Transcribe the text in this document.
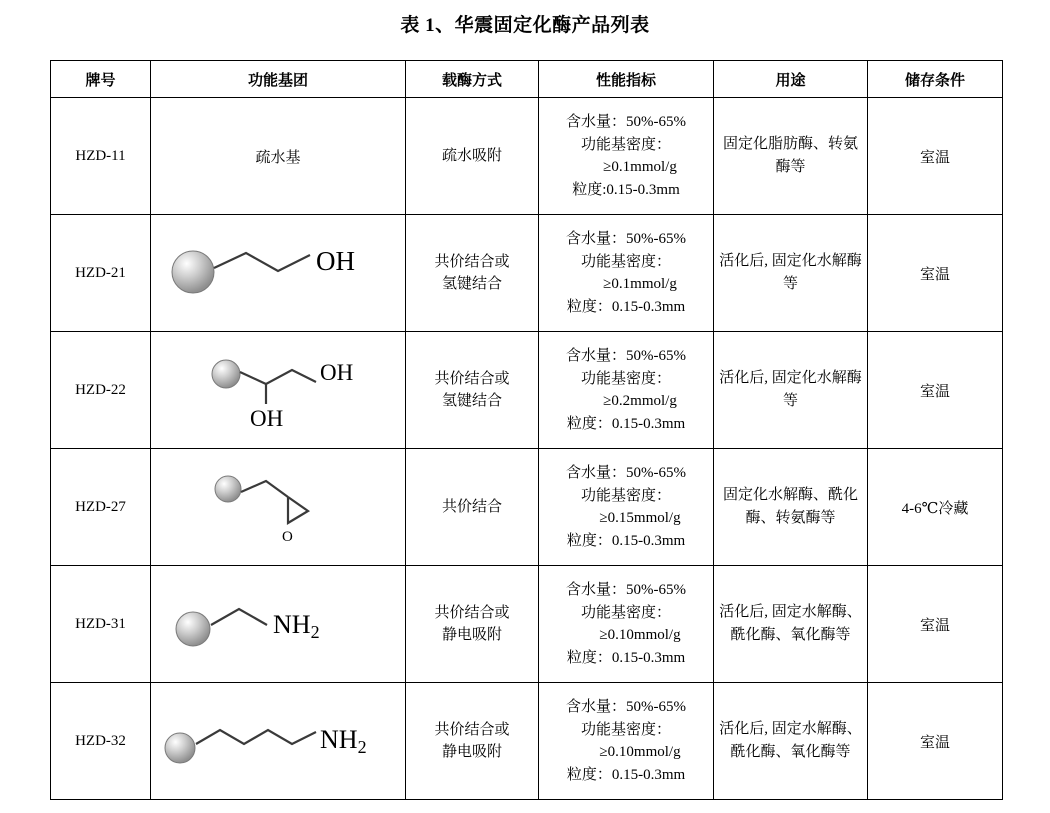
表 1、华震固定化酶产品列表
牌号	功能基团	载酶方式	性能指标	用途	储存条件
HZD-11	疏水基	疏水吸附	含水量：50%-65%
功能基密度：
≥0.1mmol/g
粒度:0.15-0.3mm	固定化脂肪酶、转氨酶等	室温
HZD-21	OH	共价结合或
氢键结合	含水量：50%-65%
功能基密度：
≥0.1mmol/g
粒度：0.15-0.3mm	活化后, 固定化水解酶等	室温
HZD-22	OH
OH	共价结合或
氢键结合	含水量：50%-65%
功能基密度：
≥0.2mmol/g
粒度：0.15-0.3mm	活化后, 固定化水解酶等	室温
HZD-27	O	共价结合	含水量：50%-65%
功能基密度：
≥0.15mmol/g
粒度：0.15-0.3mm	固定化水解酶、酰化酶、转氨酶等	4-6℃冷藏
HZD-31	NH2	共价结合或
静电吸附	含水量：50%-65%
功能基密度：
≥0.10mmol/g
粒度：0.15-0.3mm	活化后, 固定水解酶、酰化酶、氧化酶等	室温
HZD-32	NH2	共价结合或
静电吸附	含水量：50%-65%
功能基密度：
≥0.10mmol/g
粒度：0.15-0.3mm	活化后, 固定水解酶、酰化酶、氧化酶等	室温
